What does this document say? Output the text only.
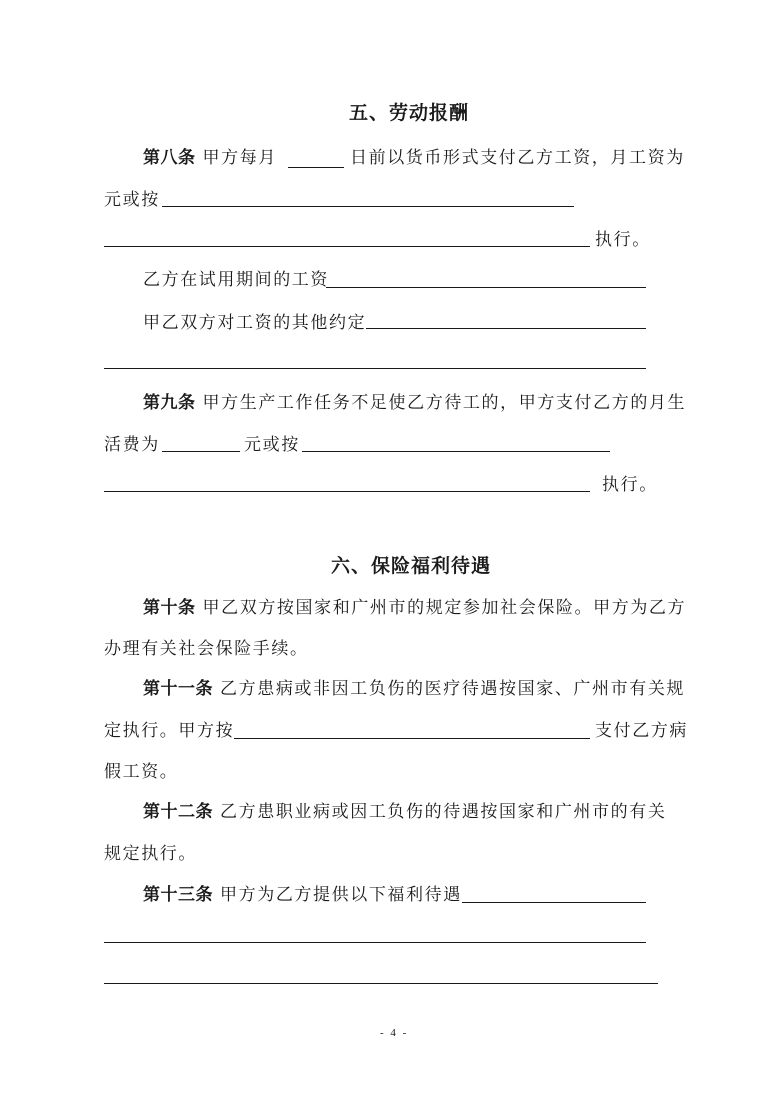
五、劳动报酬
第八条 甲方每月	日前以货币形式支付乙方工资，月工资为
元或按
执行。
乙方在试用期间的工资
甲乙双方对工资的其他约定
第九条 甲方生产工作任务不足使乙方待工的，甲方支付乙方的月生
活费为	元或按
执行。
六、保险福利待遇
第十条 甲乙双方按国家和广州市的规定参加社会保险。甲方为乙方
办理有关社会保险手续。
第十一条 乙方患病或非因工负伤的医疗待遇按国家、广州市有关规
定执行。甲方按	支付乙方病
假工资。
第十二条 乙方患职业病或因工负伤的待遇按国家和广州市的有关
规定执行。
第十三条 甲方为乙方提供以下福利待遇
- 4 -
